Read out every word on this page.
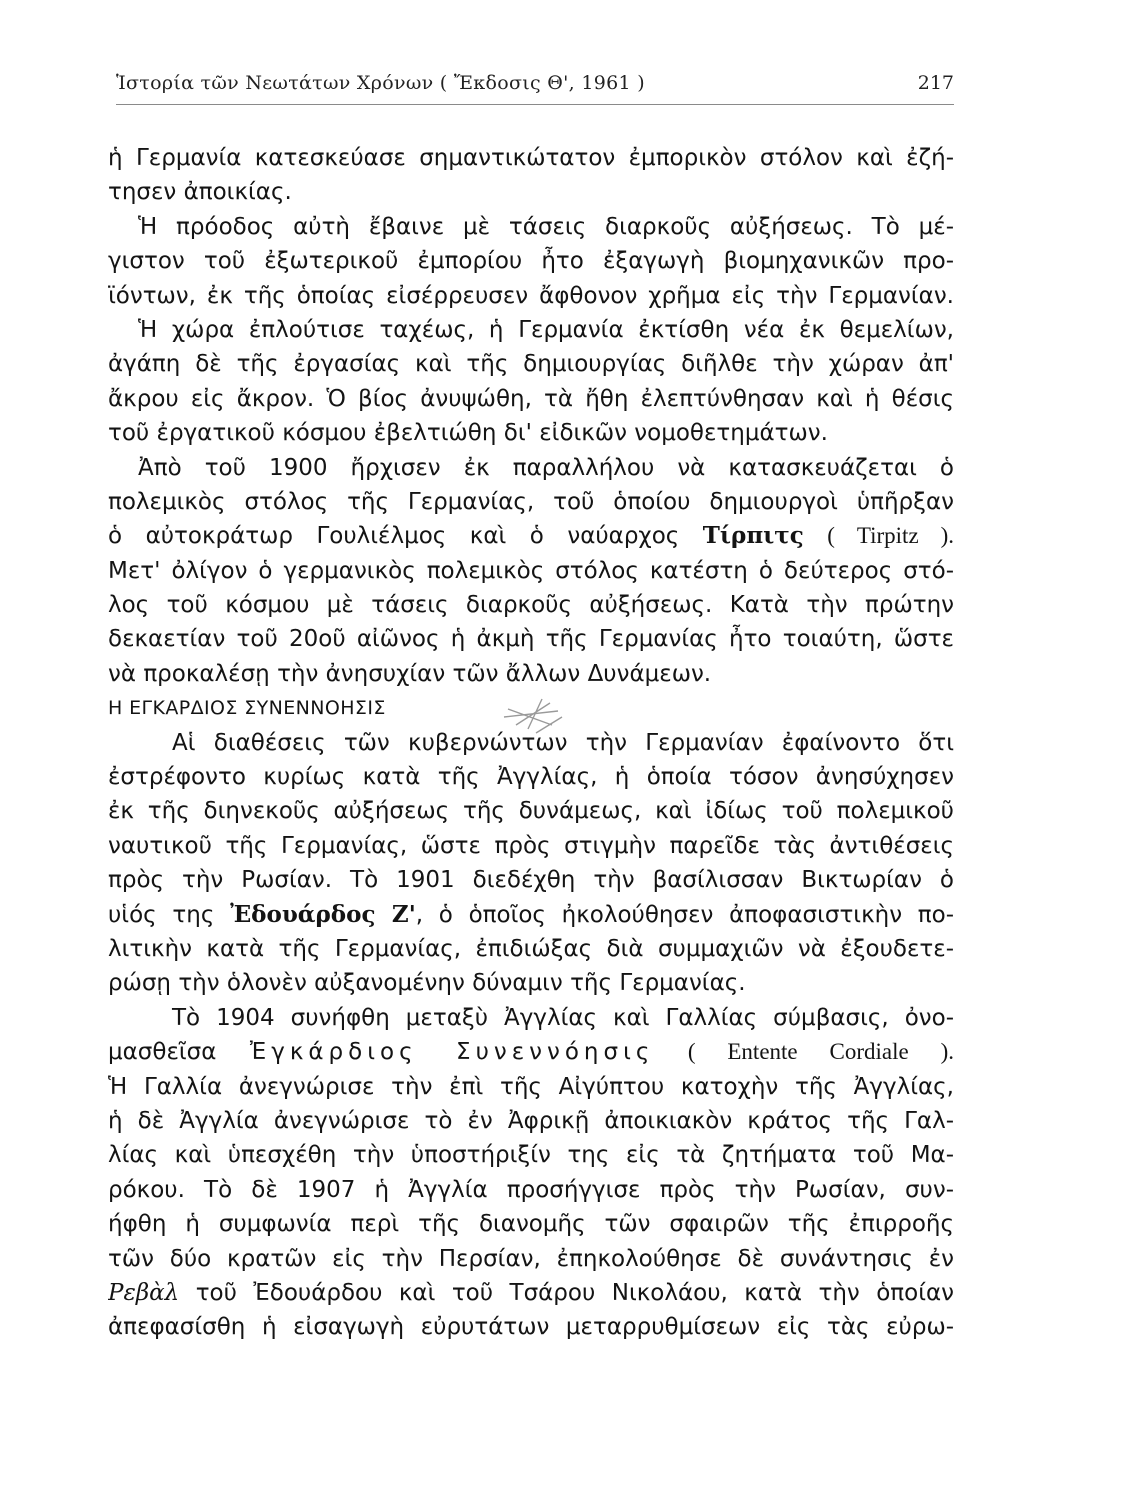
Ἱστορία τῶν Νεωτάτων Χρόνων ( Ἔκδοσις Θ', 1961 )	217
ἡ Γερμανία κατεσκεύασε σημαντικώτατον ἐμπορικὸν στόλον καὶ ἐζή-
τησεν ἀποικίας.
Ἡ πρόοδος αὐτὴ ἔβαινε μὲ τάσεις διαρκοῦς αὐξήσεως. Τὸ μέ-
γιστον τοῦ ἐξωτερικοῦ ἐμπορίου ἦτο ἐξαγωγὴ βιομηχανικῶν προ-
ϊόντων, ἐκ τῆς ὁποίας εἰσέρρευσεν ἄφθονον χρῆμα εἰς τὴν Γερμανίαν.
Ἡ χώρα ἐπλούτισε ταχέως, ἡ Γερμανία ἐκτίσθη νέα ἐκ θεμελίων,
ἀγάπη δὲ τῆς ἐργασίας καὶ τῆς δημιουργίας διῆλθε τὴν χώραν ἀπ'
ἄκρου εἰς ἄκρον. Ὁ βίος ἀνυψώθη, τὰ ἤθη ἐλεπτύνθησαν καὶ ἡ θέσις
τοῦ ἐργατικοῦ κόσμου ἐβελτιώθη δι' εἰδικῶν νομοθετημάτων.
Ἀπὸ τοῦ 1900 ἤρχισεν ἐκ παραλλήλου νὰ κατασκευάζεται ὁ
πολεμικὸς στόλος τῆς Γερμανίας, τοῦ ὁποίου δημιουργοὶ ὑπῆρξαν
ὁ αὐτοκράτωρ Γουλιέλμος καὶ ὁ ναύαρχος Τίρπιτς ( Tirpitz ).
Μετ' ὀλίγον ὁ γερμανικὸς πολεμικὸς στόλος κατέστη ὁ δεύτερος στό-
λος τοῦ κόσμου μὲ τάσεις διαρκοῦς αὐξήσεως. Κατὰ τὴν πρώτην
δεκαετίαν τοῦ 20οῦ αἰῶνος ἡ ἀκμὴ τῆς Γερμανίας ἦτο τοιαύτη, ὥστε
νὰ προκαλέσῃ τὴν ἀνησυχίαν τῶν ἄλλων Δυνάμεων.
Η ΕΓΚΑΡΔΙΟΣ ΣΥΝΕΝΝΟΗΣΙΣ
Αἱ διαθέσεις τῶν κυβερνώντων τὴν Γερμανίαν ἐφαίνοντο ὅτι
ἐστρέφοντο κυρίως κατὰ τῆς Ἀγγλίας, ἡ ὁποία τόσον ἀνησύχησεν
ἐκ τῆς διηνεκοῦς αὐξήσεως τῆς δυνάμεως, καὶ ἰδίως τοῦ πολεμικοῦ
ναυτικοῦ τῆς Γερμανίας, ὥστε πρὸς στιγμὴν παρεῖδε τὰς ἀντιθέσεις
πρὸς τὴν Ρωσίαν. Τὸ 1901 διεδέχθη τὴν βασίλισσαν Βικτωρίαν ὁ
υἱός της Ἐδουάρδος Ζ', ὁ ὁποῖος ἠκολούθησεν ἀποφασιστικὴν πο-
λιτικὴν κατὰ τῆς Γερμανίας, ἐπιδιώξας διὰ συμμαχιῶν νὰ ἐξουδετε-
ρώσῃ τὴν ὁλονὲν αὐξανομένην δύναμιν τῆς Γερμανίας.
Τὸ 1904 συνήφθη μεταξὺ Ἀγγλίας καὶ Γαλλίας σύμβασις, ὀνο-
μασθεῖσα Ἐγκάρδιος Συνεννόησις ( Entente Cordiale ).
Ἡ Γαλλία ἀνεγνώρισε τὴν ἐπὶ τῆς Αἰγύπτου κατοχὴν τῆς Ἀγγλίας,
ἡ δὲ Ἀγγλία ἀνεγνώρισε τὸ ἐν Ἀφρικῇ ἀποικιακὸν κράτος τῆς Γαλ-
λίας καὶ ὑπεσχέθη τὴν ὑποστήριξίν της εἰς τὰ ζητήματα τοῦ Μα-
ρόκου. Τὸ δὲ 1907 ἡ Ἀγγλία προσήγγισε πρὸς τὴν Ρωσίαν, συν-
ήφθη ἡ συμφωνία περὶ τῆς διανομῆς τῶν σφαιρῶν τῆς ἐπιρροῆς
τῶν δύο κρατῶν εἰς τὴν Περσίαν, ἐπηκολούθησε δὲ συνάντησις ἐν
Ρεβὰλ τοῦ Ἐδουάρδου καὶ τοῦ Τσάρου Νικολάου, κατὰ τὴν ὁποίαν
ἀπεφασίσθη ἡ εἰσαγωγὴ εὐρυτάτων μεταρρυθμίσεων εἰς τὰς εὐρω-
